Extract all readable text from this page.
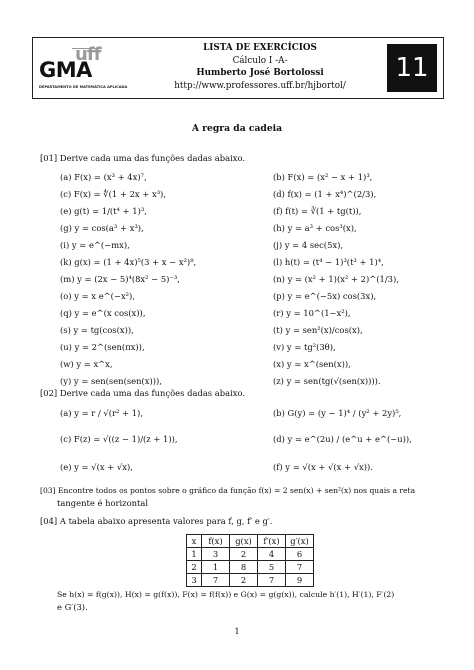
uff
GMA
DEPARTAMENTO DE MATEMÁTICA APLICADA
LISTA DE EXERCÍCIOS
Cálculo I -A-
Humberto José Bortolossi
http://www.professores.uff.br/hjbortol/
11
A regra da cadeia
[01] Derive cada uma das funções dadas abaixo.
(a) F(x) = (x³ + 4x)⁷,
(c) F(x) = ∜(1 + 2x + x³),
(e) g(t) = 1/(t⁴ + 1)³,
(g) y = cos(a³ + x³),
(i) y = e^(−mx),
(k) g(x) = (1 + 4x)⁵(3 + x − x²)⁸,
(m) y = (2x − 5)⁴(8x² − 5)⁻³,
(o) y = x e^(−x²),
(q) y = e^(x cos(x)),
(s) y = tg(cos(x)),
(u) y = 2^(sen(πx)),
(w) y = x^x,
(y) y = sen(sen(sen(x))),
(b) F(x) = (x² − x + 1)³,
(d) f(x) = (1 + x⁴)^(2/3),
(f) f(t) = ∛(1 + tg(t)),
(h) y = a³ + cos³(x),
(j) y = 4 sec(5x),
(l) h(t) = (t⁴ − 1)³(t³ + 1)⁴,
(n) y = (x² + 1)(x² + 2)^(1/3),
(p) y = e^(−5x) cos(3x),
(r) y = 10^(1−x²),
(t) y = sen²(x)/cos(x),
(v) y = tg²(3θ),
(x) y = x^(sen(x)),
(z) y = sen(tg(√(sen(x)))).
[02] Derive cada uma das funções dadas abaixo.
(a) y = r / √(r² + 1),
(c) F(z) = √((z − 1)/(z + 1)),
(e) y = √(x + √x),
(b) G(y) = (y − 1)⁴ / (y² + 2y)⁵,
(d) y = e^(2u) / (e^u + e^(−u)),
(f) y = √(x + √(x + √x)).
[03] Encontre todos os pontos sobre o gráfico da função f(x) = 2 sen(x) + sen²(x) nos quais a reta
tangente é horizontal
[04] A tabela abaixo apresenta valores para f, g, f′ e g′.
x	f(x)	g(x)	f′(x)	g′(x)
1	3	2	4	6
2	1	8	5	7
3	7	2	7	9
Se h(x) = f(g(x)), H(x) = g(f(x)), F(x) = f(f(x)) e G(x) = g(g(x)), calcule h′(1), H′(1), F′(2)
e G′(3).
1
